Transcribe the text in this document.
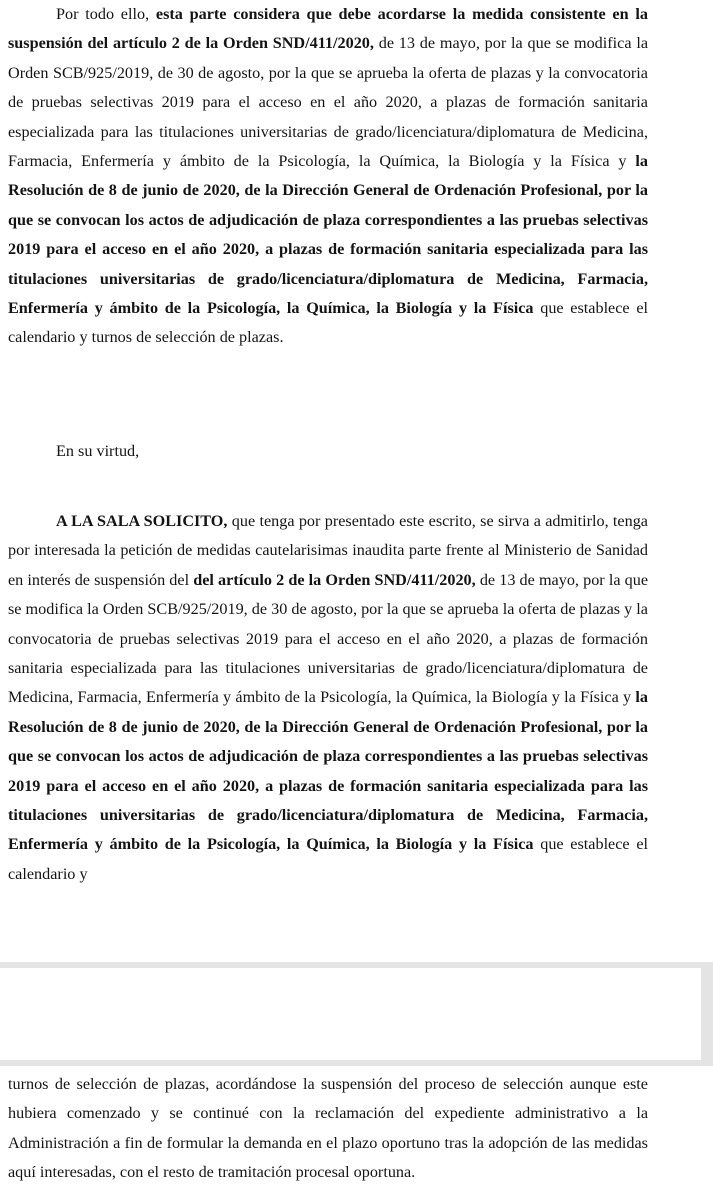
Por todo ello, esta parte considera que debe acordarse la medida consistente en la suspensión del artículo 2 de la Orden SND/411/2020, de 13 de mayo, por la que se modifica la Orden SCB/925/2019, de 30 de agosto, por la que se aprueba la oferta de plazas y la convocatoria de pruebas selectivas 2019 para el acceso en el año 2020, a plazas de formación sanitaria especializada para las titulaciones universitarias de grado/licenciatura/diplomatura de Medicina, Farmacia, Enfermería y ámbito de la Psicología, la Química, la Biología y la Física y la Resolución de 8 de junio de 2020, de la Dirección General de Ordenación Profesional, por la que se convocan los actos de adjudicación de plaza correspondientes a las pruebas selectivas 2019 para el acceso en el año 2020, a plazas de formación sanitaria especializada para las titulaciones universitarias de grado/licenciatura/diplomatura de Medicina, Farmacia, Enfermería y ámbito de la Psicología, la Química, la Biología y la Física que establece el calendario y turnos de selección de plazas.

En su virtud,

A LA SALA SOLICITO, que tenga por presentado este escrito, se sirva a admitirlo, tenga por interesada la petición de medidas cautelarisimas inaudita parte frente al Ministerio de Sanidad en interés de suspensión del del artículo 2 de la Orden SND/411/2020, de 13 de mayo, por la que se modifica la Orden SCB/925/2019, de 30 de agosto, por la que se aprueba la oferta de plazas y la convocatoria de pruebas selectivas 2019 para el acceso en el año 2020, a plazas de formación sanitaria especializada para las titulaciones universitarias de grado/licenciatura/diplomatura de Medicina, Farmacia, Enfermería y ámbito de la Psicología, la Química, la Biología y la Física y la Resolución de 8 de junio de 2020, de la Dirección General de Ordenación Profesional, por la que se convocan los actos de adjudicación de plaza correspondientes a las pruebas selectivas 2019 para el acceso en el año 2020, a plazas de formación sanitaria especializada para las titulaciones universitarias de grado/licenciatura/diplomatura de Medicina, Farmacia, Enfermería y ámbito de la Psicología, la Química, la Biología y la Física que establece el calendario y

turnos de selección de plazas, acordándose la suspensión del proceso de selección aunque este hubiera comenzado y se continué con la reclamación del expediente administrativo a la Administración a fin de formular la demanda en el plazo oportuno tras la adopción de las medidas aquí interesadas, con el resto de tramitación procesal oportuna.
